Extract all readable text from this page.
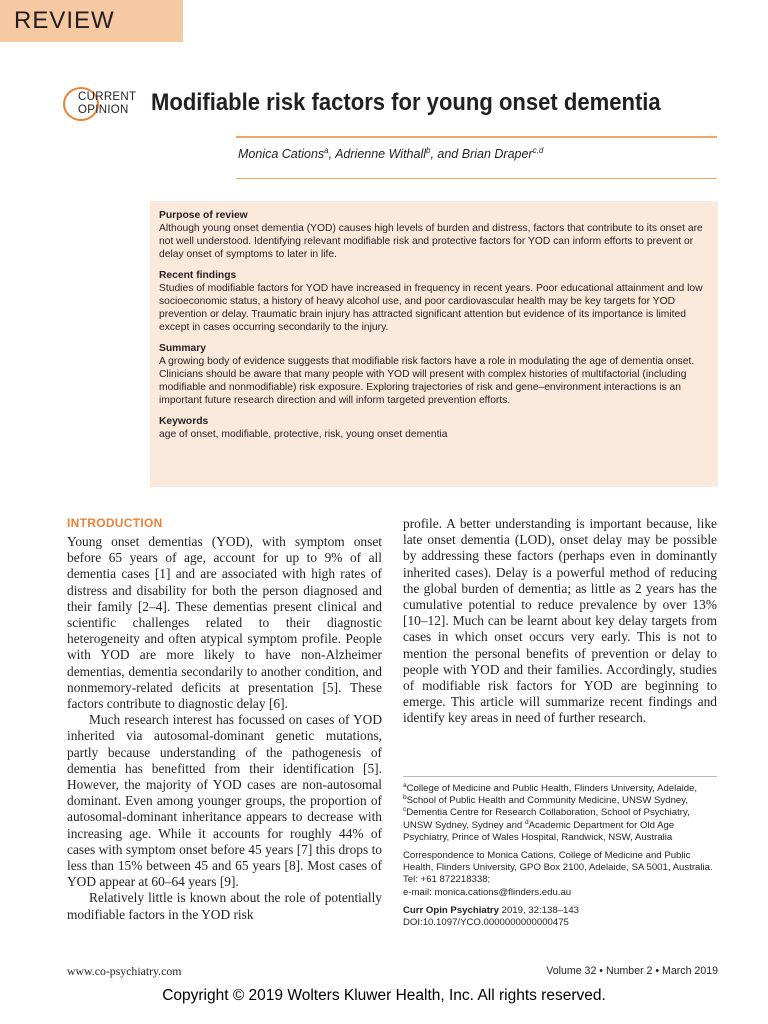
REVIEW
CURRENT
OPINION Modifiable risk factors for young onset dementia
Monica Cations$^a$, Adrienne Withall$^b$, and Brian Draper$^{c,d}$
Purpose of review
Although young onset dementia (YOD) causes high levels of burden and distress, factors that contribute to its onset are not well understood. Identifying relevant modifiable risk and protective factors for YOD can inform efforts to prevent or delay onset of symptoms to later in life.
Recent findings
Studies of modifiable factors for YOD have increased in frequency in recent years. Poor educational attainment and low socioeconomic status, a history of heavy alcohol use, and poor cardiovascular health may be key targets for YOD prevention or delay. Traumatic brain injury has attracted significant attention but evidence of its importance is limited except in cases occurring secondarily to the injury.
Summary
A growing body of evidence suggests that modifiable risk factors have a role in modulating the age of dementia onset. Clinicians should be aware that many people with YOD will present with complex histories of multifactorial (including modifiable and nonmodifiable) risk exposure. Exploring trajectories of risk and gene–environment interactions is an important future research direction and will inform targeted prevention efforts.
Keywords
age of onset, modifiable, protective, risk, young onset dementia
INTRODUCTION

Young onset dementias (YOD), with symptom onset before 65 years of age, account for up to 9% of all dementia cases [1] and are associated with high rates of distress and disability for both the person diagnosed and their family [2–4]. These dementias present clinical and scientific challenges related to their diagnostic heterogeneity and often atypical symptom profile. People with YOD are more likely to have non-Alzheimer dementias, dementia secondarily to another condition, and nonmemory-related deficits at presentation [5]. These factors contribute to diagnostic delay [6].

Much research interest has focussed on cases of YOD inherited via autosomal-dominant genetic mutations, partly because understanding of the pathogenesis of dementia has benefitted from their identification [5]. However, the majority of YOD cases are non-autosomal dominant. Even among younger groups, the proportion of autosomal-dominant inheritance appears to decrease with increasing age. While it accounts for roughly 44% of cases with symptom onset before 45 years [7] this drops to less than 15% between 45 and 65 years [8]. Most cases of YOD appear at 60–64 years [9].

Relatively little is known about the role of potentially modifiable factors in the YOD risk

profile. A better understanding is important because, like late onset dementia (LOD), onset delay may be possible by addressing these factors (perhaps even in dominantly inherited cases). Delay is a powerful method of reducing the global burden of dementia; as little as 2 years has the cumulative potential to reduce prevalence by over 13% [10–12]. Much can be learnt about key delay targets from cases in which onset occurs very early. This is not to mention the personal benefits of prevention or delay to people with YOD and their families. Accordingly, studies of modifiable risk factors for YOD are beginning to emerge. This article will summarize recent findings and identify key areas in need of further research.

$^a$College of Medicine and Public Health, Flinders University, Adelaide, $^b$School of Public Health and Community Medicine, UNSW Sydney, $^c$Dementia Centre for Research Collaboration, School of Psychiatry, UNSW Sydney, Sydney and $^d$Academic Department for Old Age Psychiatry, Prince of Wales Hospital, Randwick, NSW, Australia
Correspondence to Monica Cations, College of Medicine and Public Health, Flinders University, GPO Box 2100, Adelaide, SA 5001, Australia. Tel: +61 872218338;
e-mail: monica.cations@flinders.edu.au
Curr Opin Psychiatry 2019, 32:138–143
DOI:10.1097/YCO.0000000000000475
www.co-psychiatry.com	Volume 32 • Number 2 • March 2019
Copyright © 2019 Wolters Kluwer Health, Inc. All rights reserved.
